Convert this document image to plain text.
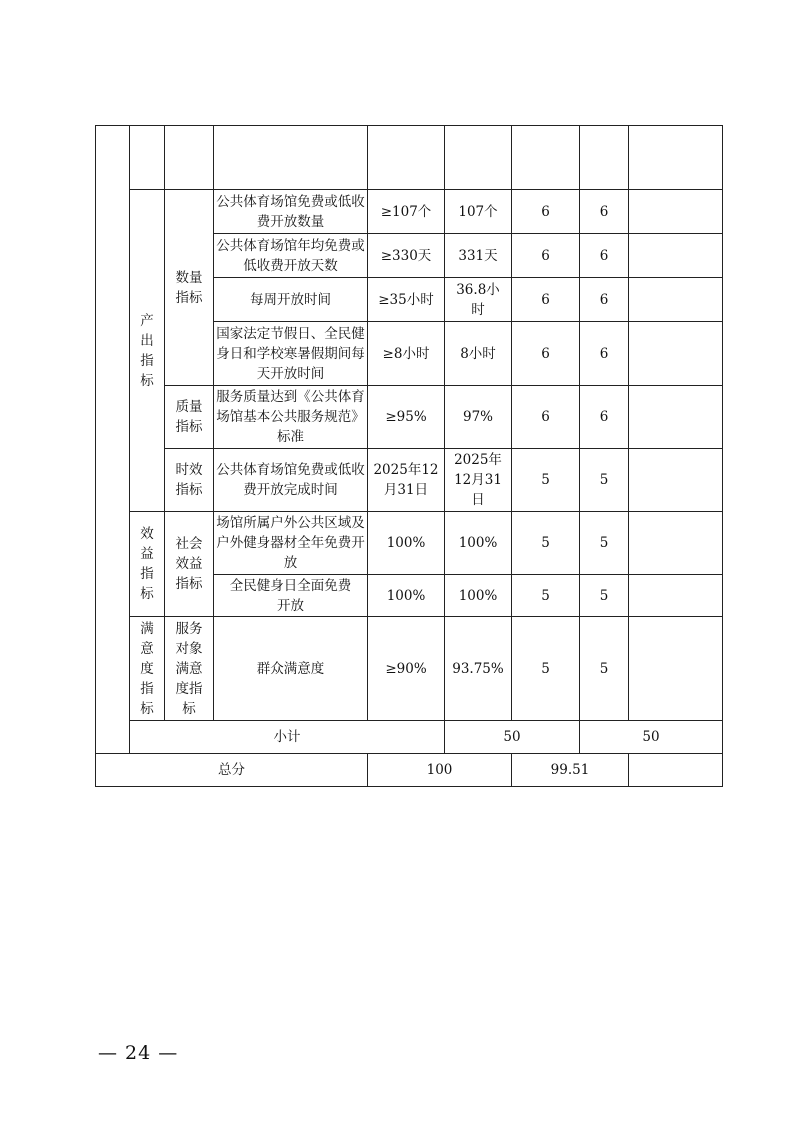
	产出指标	数量指标	公共体育场馆免费或低收费开放数量	≥107个	107个	6	6		
			公共体育场馆年均免费或低收费开放天数	≥330天	331天	6	6		
			每周开放时间	≥35小时	36.8小时	6	6		
			国家法定节假日、全民健身日和学校寒暑假期间每天开放时间	≥8小时	8小时	6	6		

		质量指标	服务质量达到《公共体育场馆基本公共服务规范》标准	≥95%	97%	6	6		

		时效指标	公共体育场馆免费或低收费开放完成时间	2025年12月31日	2025年12月31日	5	5		

	效益指标	社会效益指标	场馆所属户外公共区域及户外健身器材全年免费开放	100%	100%	5	5		

			全民健身日全面免费开放	100%	100%	5	5		

	满意度指标	服务对象满意度指标	群众满意度	≥90%	93.75%	5	5		
	小计				50		50		
总分				100		99.51			
— 24 —
